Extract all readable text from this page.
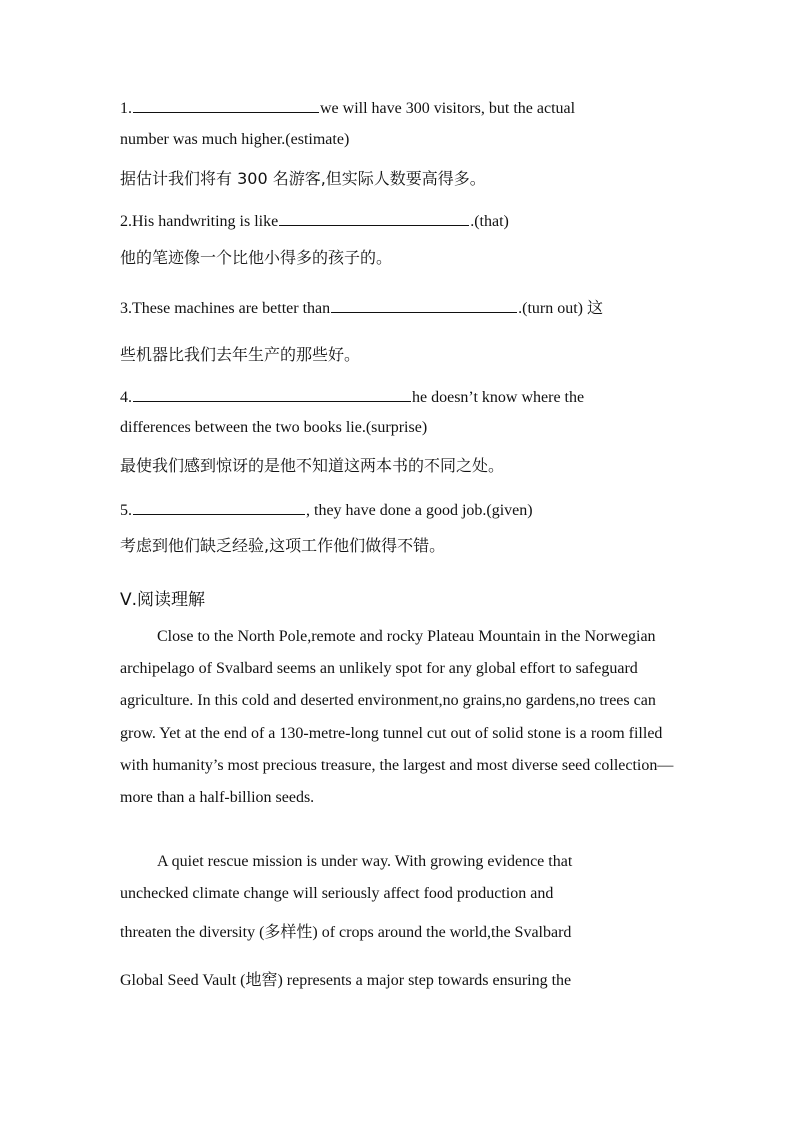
1.	we will have 300 visitors, but the actual
number was much higher.(estimate)
据估计我们将有 300 名游客,但实际人数要高得多。
2.His handwriting is like	.(that)
他的笔迹像一个比他小得多的孩子的。
3.These machines are better than	.(turn out) 这
些机器比我们去年生产的那些好。
4.	he doesn’t know where the
differences between the two books lie.(surprise)
最使我们感到惊讶的是他不知道这两本书的不同之处。
5.	, they have done a good job.(given)
考虑到他们缺乏经验,这项工作他们做得不错。
Ⅴ.阅读理解
Close to the North Pole,remote and rocky Plateau Mountain in the Norwegian archipelago of Svalbard seems an unlikely spot for any global effort to safeguard agriculture. In this cold and deserted environment,no grains,no gardens,no trees can grow. Yet at the end of a 130-metre-long tunnel cut out of solid stone is a room filled with humanity’s most precious treasure, the largest and most diverse seed collection—more than a half-billion seeds.
A quiet rescue mission is under way. With growing evidence that
unchecked climate change will seriously affect food production and
threaten the diversity (多样性) of crops around the world,the Svalbard
Global Seed Vault (地窖) represents a major step towards ensuring the
